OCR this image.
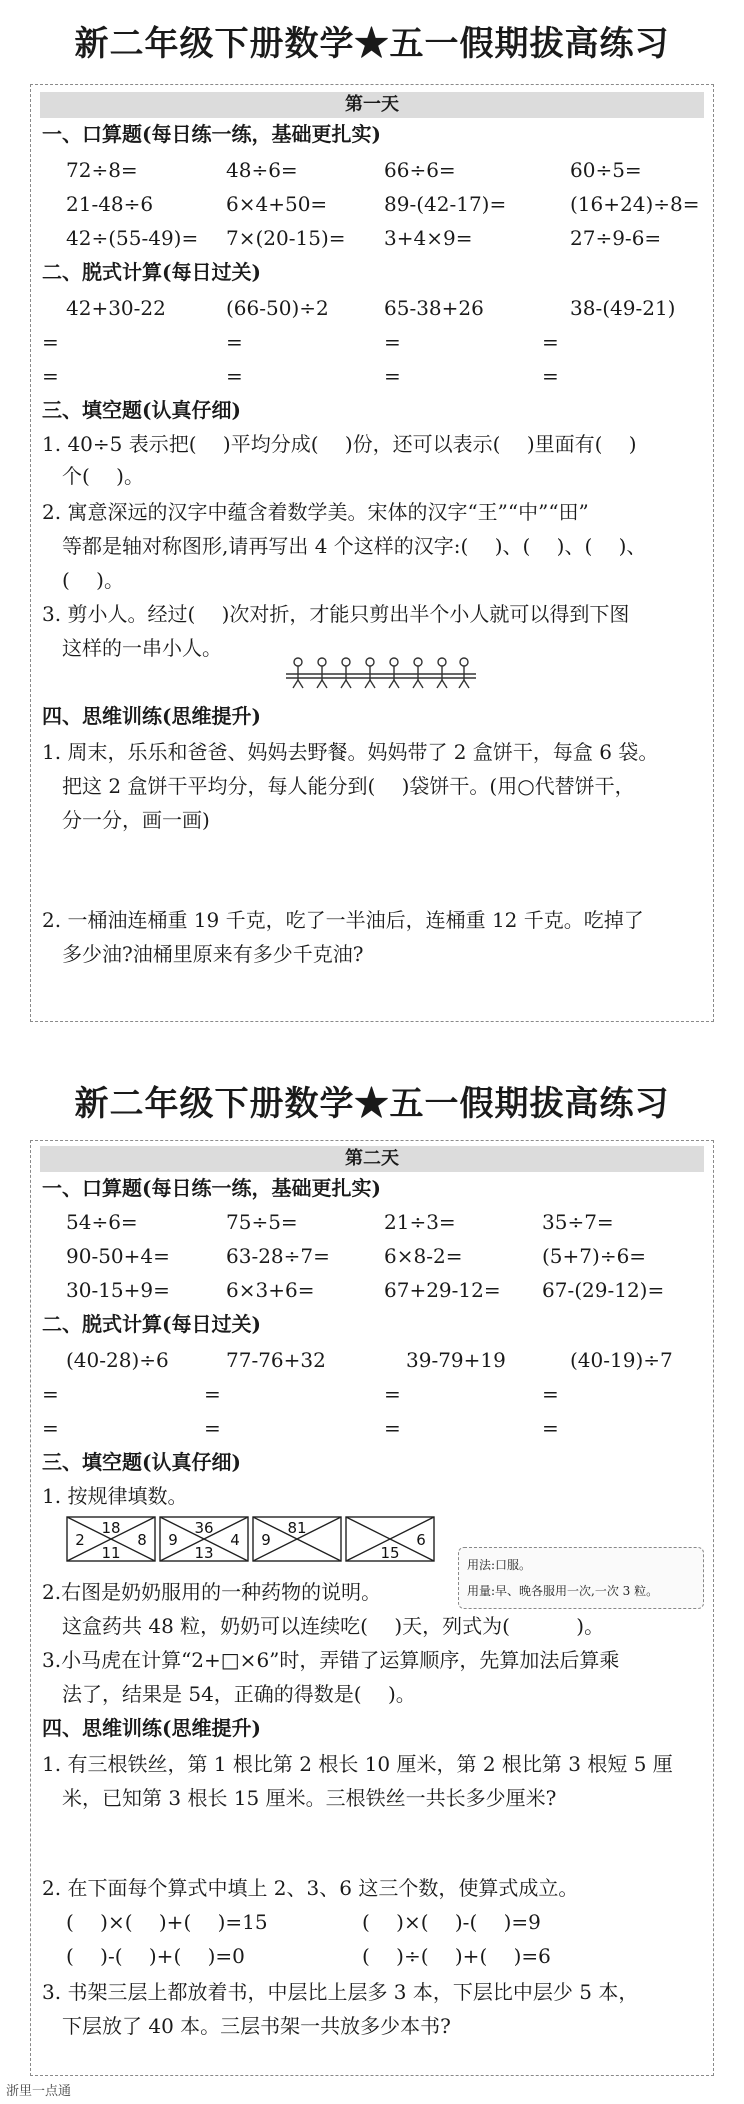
新二年级下册数学★五一假期拔高练习
第一天
一、口算题(每日练一练，基础更扎实)
72÷8=	48÷6=	66÷6=	60÷5=
21-48÷6	6×4+50=	89-(42-17)=	(16+24)÷8=
42÷(55-49)= 7×(20-15)= 3+4×9=	27÷9-6=
二、脱式计算(每日过关)
42+30-22	(66-50)÷2	65-38+26	38-(49-21)
=	=	=	=
=	=	=	=
三、填空题(认真仔细)
1. 40÷5 表示把(　 )平均分成(　 )份，还可以表示(　 )里面有(　 )
　个(　 )。
2. 寓意深远的汉字中蕴含着数学美。宋体的汉字“王”“中”“田”
　等都是轴对称图形,请再写出 4 个这样的汉字:(　 )、(　 )、(　 )、
　(　 )。
3. 剪小人。经过(　 )次对折，才能只剪出半个小人就可以得到下图
　这样的一串小人。
四、思维训练(思维提升)
1. 周末，乐乐和爸爸、妈妈去野餐。妈妈带了 2 盒饼干，每盒 6 袋。
　把这 2 盒饼干平均分，每人能分到(　 )袋饼干。(用○代替饼干，
　分一分，画一画)
2. 一桶油连桶重 19 千克，吃了一半油后，连桶重 12 千克。吃掉了
　多少油?油桶里原来有多少千克油?
新二年级下册数学★五一假期拔高练习
第二天
一、口算题(每日练一练，基础更扎实)
54÷6=	75÷5=	21÷3=	35÷7=
90-50+4=	63-28÷7=	6×8-2=	(5+7)÷6=
30-15+9=	6×3+6=	67+29-12= 67-(29-12)=
二、脱式计算(每日过关)
(40-28)÷6	77-76+32	39-79+19	(40-19)÷7
=	=	=	=
=	=	=	=
三、填空题(认真仔细)
1. 按规律填数。
18
2	8
11
36
9	4
13
81
9	6
15
用法:口服。
用量:早、晚各服用一次,一次 3 粒。
2.右图是奶奶服用的一种药物的说明。
　这盒药共 48 粒，奶奶可以连续吃(　 )天，列式为(　　　 )。
3.小马虎在计算“2+□×6”时，弄错了运算顺序，先算加法后算乘
　法了，结果是 54，正确的得数是(　 )。
四、思维训练(思维提升)
1. 有三根铁丝，第 1 根比第 2 根长 10 厘米，第 2 根比第 3 根短 5 厘
　米，已知第 3 根长 15 厘米。三根铁丝一共长多少厘米?
2. 在下面每个算式中填上 2、3、6 这三个数，使算式成立。
(　 )×(　 )+(　 )=15	(　 )×(　 )-(　 )=9
(　 )-(　 )+(　 )=0	(　 )÷(　 )+(　 )=6
3. 书架三层上都放着书，中层比上层多 3 本，下层比中层少 5 本，
　下层放了 40 本。三层书架一共放多少本书?
浙里一点通
